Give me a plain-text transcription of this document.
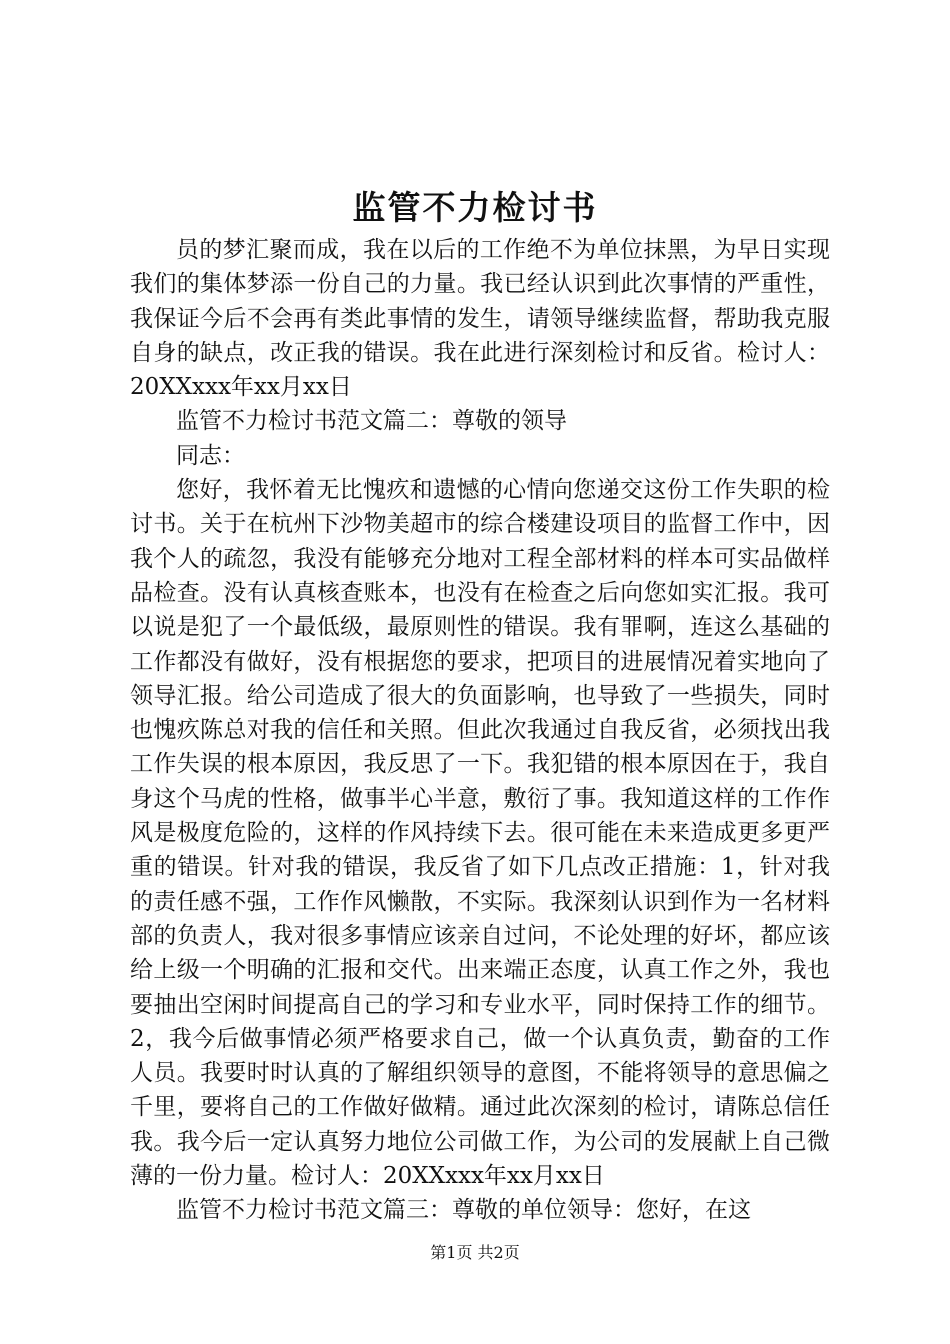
监管不力检讨书

员的梦汇聚而成，我在以后的工作绝不为单位抹黑，为早日实现我们的集体梦添一份自己的力量。我已经认识到此次事情的严重性，我保证今后不会再有类此事情的发生，请领导继续监督，帮助我克服自身的缺点，改正我的错误。我在此进行深刻检讨和反省。检讨人：20XXxxx年xx月xx日

监管不力检讨书范文篇二：尊敬的领导

同志：

您好，我怀着无比愧疚和遗憾的心情向您递交这份工作失职的检讨书。关于在杭州下沙物美超市的综合楼建设项目的监督工作中，因我个人的疏忽，我没有能够充分地对工程全部材料的样本可实品做样品检查。没有认真核查账本，也没有在检查之后向您如实汇报。我可以说是犯了一个最低级，最原则性的错误。我有罪啊，连这么基础的工作都没有做好，没有根据您的要求，把项目的进展情况着实地向了领导汇报。给公司造成了很大的负面影响，也导致了一些损失，同时也愧疚陈总对我的信任和关照。但此次我通过自我反省，必须找出我工作失误的根本原因，我反思了一下。我犯错的根本原因在于，我自身这个马虎的性格，做事半心半意，敷衍了事。我知道这样的工作作风是极度危险的，这样的作风持续下去。很可能在未来造成更多更严重的错误。针对我的错误，我反省了如下几点改正措施：1，针对我的责任感不强，工作作风懒散，不实际。我深刻认识到作为一名材料部的负责人，我对很多事情应该亲自过问，不论处理的好坏，都应该给上级一个明确的汇报和交代。出来端正态度，认真工作之外，我也要抽出空闲时间提高自己的学习和专业水平，同时保持工作的细节。2，我今后做事情必须严格要求自己，做一个认真负责，勤奋的工作人员。我要时时认真的了解组织领导的意图，不能将领导的意思偏之千里，要将自己的工作做好做精。通过此次深刻的检讨，请陈总信任我。我今后一定认真努力地位公司做工作，为公司的发展献上自己微薄的一份力量。检讨人：20XXxxx年xx月xx日

监管不力检讨书范文篇三：尊敬的单位领导：您好，在这

第1页 共2页
